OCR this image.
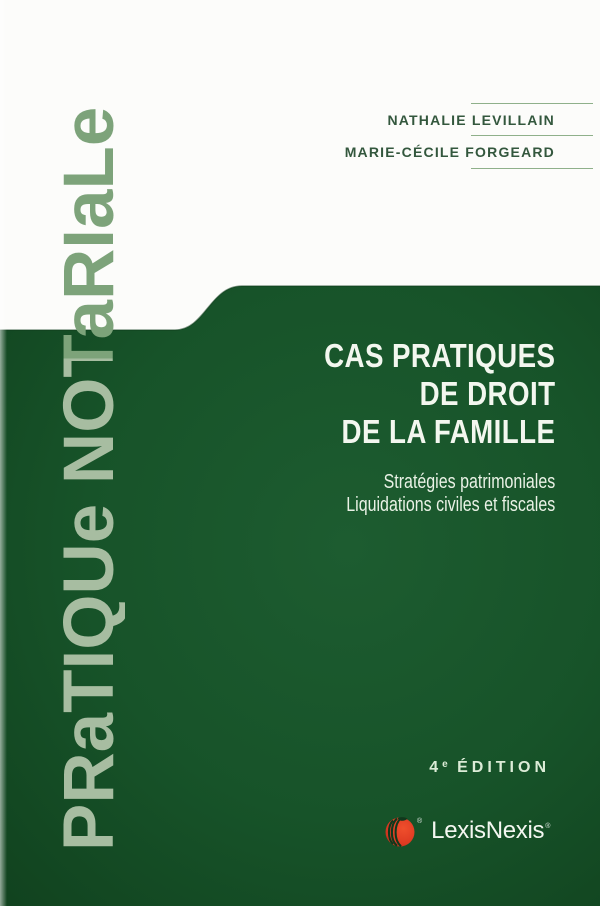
PRaTIQUe NOTaRIaLe	NATHALIE LEVILLAIN
MARIE-CÉCILE FORGEARD
CAS PRATIQUES
DE DROIT
DE LA FAMILLE
Stratégies patrimoniales
Liquidations civiles et fiscales
4e ÉDITION
® LexisNexis ®
